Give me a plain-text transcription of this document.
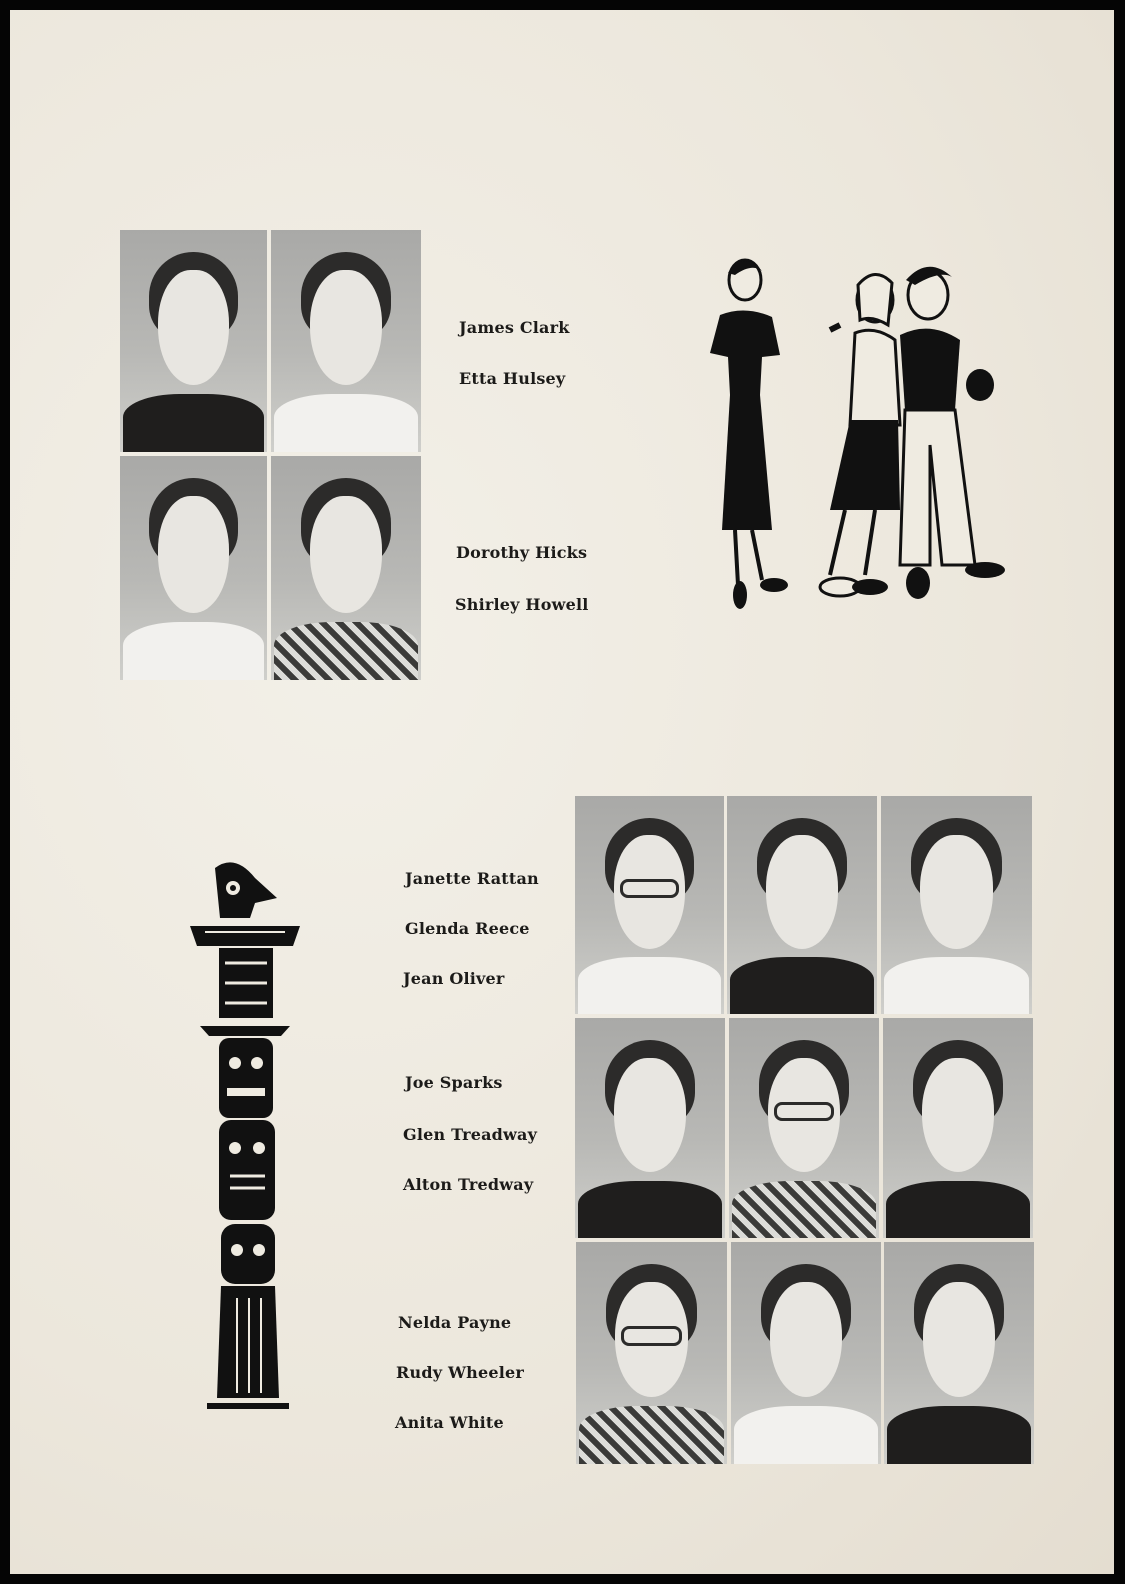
James Clark
Etta Hulsey
Dorothy Hicks
Shirley Howell
Janette Rattan
Glenda Reece
Jean Oliver
Joe Sparks
Glen Treadway
Alton Tredway
Nelda Payne
Rudy Wheeler
Anita White
